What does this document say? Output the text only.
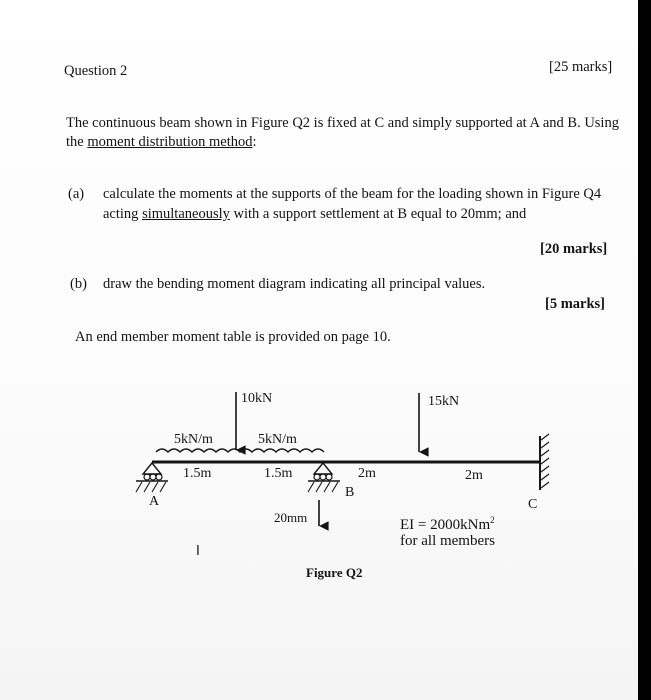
Question 2	[25 marks]
The continuous beam shown in Figure Q2 is fixed at C and simply supported at A and B. Using
the moment distribution method:
(a) calculate the moments at the supports of the beam for the loading shown in Figure Q4
acting simultaneously with a support settlement at B equal to 20mm; and
[20 marks]
(b) draw the bending moment diagram indicating all principal values.
[5 marks]
An end member moment table is provided on page 10.
10kN	15kN
5kN/m	5kN/m
1.5m	1.5m	2m	2m
A
B
C
20mm	EI = 2000kNm$^2$
for all members
I
Figure Q2
